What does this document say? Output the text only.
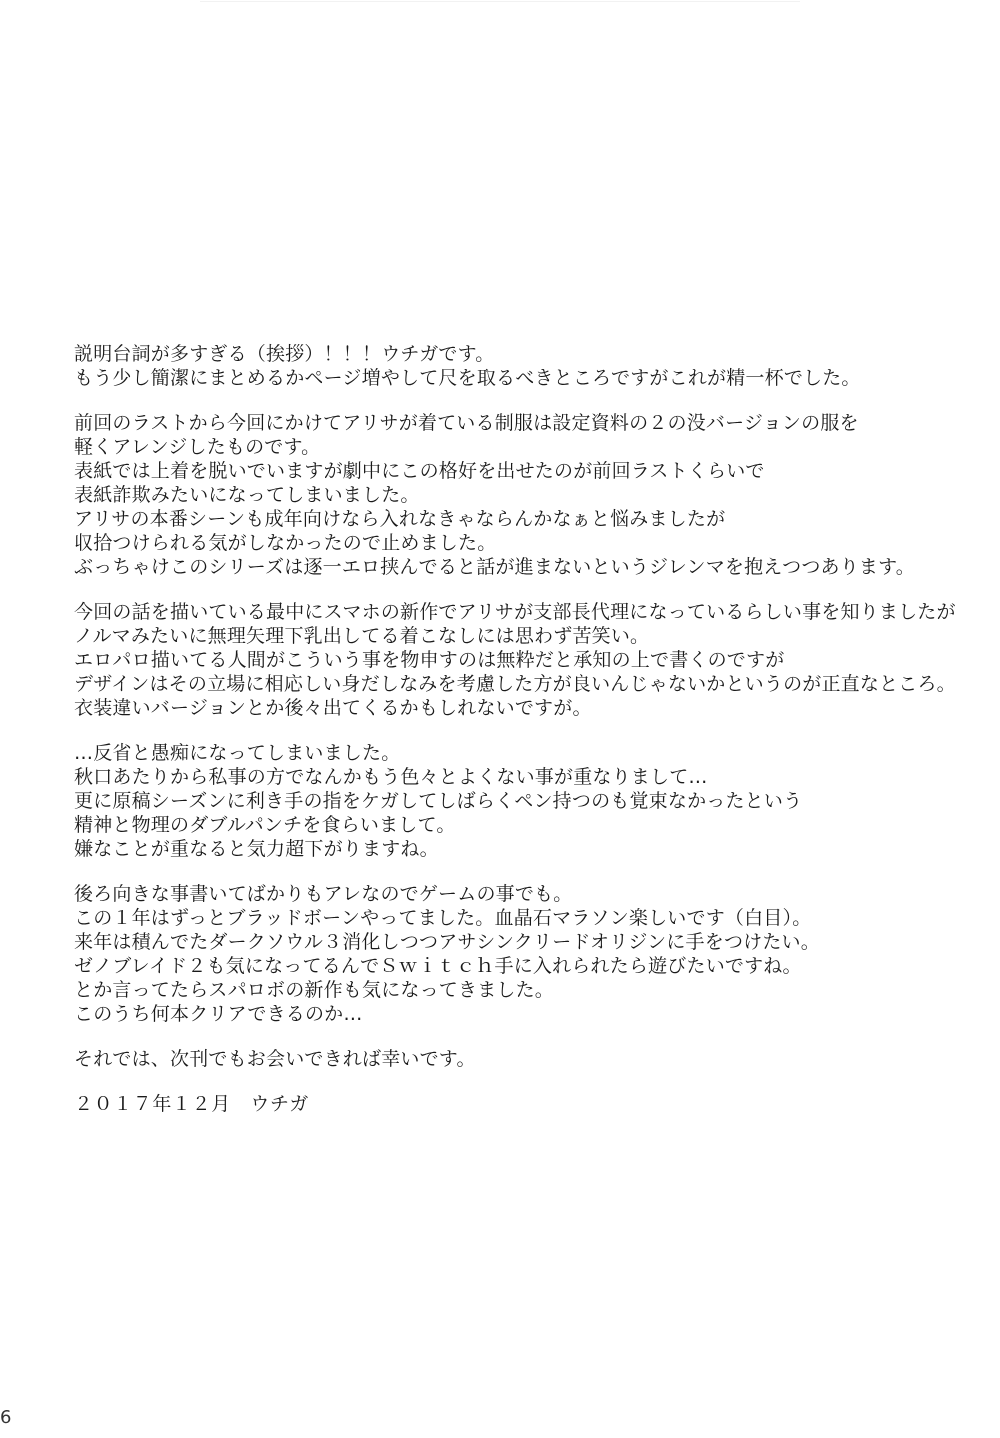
説明台詞が多すぎる（挨拶）！！！ウチガです。
もう少し簡潔にまとめるかページ増やして尺を取るべきところですがこれが精一杯でした。
前回のラストから今回にかけてアリサが着ている制服は設定資料の２の没バージョンの服を
軽くアレンジしたものです。
表紙では上着を脱いでいますが劇中にこの格好を出せたのが前回ラストくらいで
表紙詐欺みたいになってしまいました。
アリサの本番シーンも成年向けなら入れなきゃならんかなぁと悩みましたが
収拾つけられる気がしなかったので止めました。
ぶっちゃけこのシリーズは逐一エロ挟んでると話が進まないというジレンマを抱えつつあります。
今回の話を描いている最中にスマホの新作でアリサが支部長代理になっているらしい事を知りましたが
ノルマみたいに無理矢理下乳出してる着こなしには思わず苦笑い。
エロパロ描いてる人間がこういう事を物申すのは無粋だと承知の上で書くのですが
デザインはその立場に相応しい身だしなみを考慮した方が良いんじゃないかというのが正直なところ。
衣装違いバージョンとか後々出てくるかもしれないですが。
…反省と愚痴になってしまいました。
秋口あたりから私事の方でなんかもう色々とよくない事が重なりまして…
更に原稿シーズンに利き手の指をケガしてしばらくペン持つのも覚束なかったという
精神と物理のダブルパンチを食らいまして。
嫌なことが重なると気力超下がりますね。
後ろ向きな事書いてばかりもアレなのでゲームの事でも。
この１年はずっとブラッドボーンやってました。血晶石マラソン楽しいです（白目）。
来年は積んでたダークソウル３消化しつつアサシンクリードオリジンに手をつけたい。
ゼノブレイド２も気になってるんでＳｗｉｔｃｈ手に入れられたら遊びたいですね。
とか言ってたらスパロボの新作も気になってきました。
このうち何本クリアできるのか…
それでは、次刊でもお会いできれば幸いです。
２０１７年１２月　ウチガ
6
